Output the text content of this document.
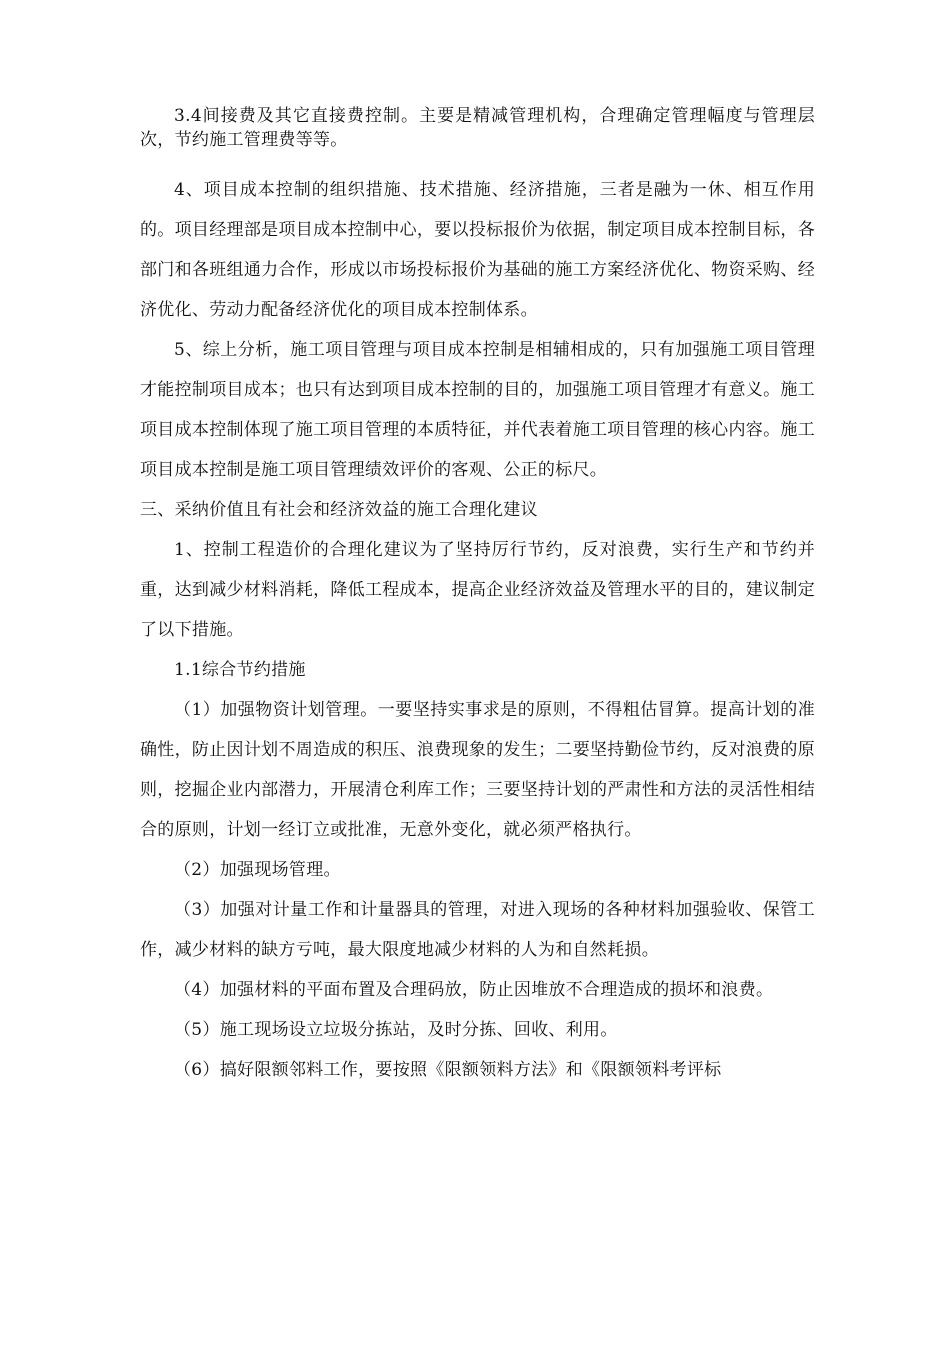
3.4间接费及其它直接费控制。主要是精减管理机构，合理确定管理幅度与管理层次，节约施工管理费等等。

4、项目成本控制的组织措施、技术措施、经济措施，三者是融为一休、相互作用的。项目经理部是项目成本控制中心，要以投标报价为依据，制定项目成本控制目标，各部门和各班组通力合作，形成以市场投标报价为基础的施工方案经济优化、物资采购、经济优化、劳动力配备经济优化的项目成本控制体系。

5、综上分析，施工项目管理与项目成本控制是相辅相成的，只有加强施工项目管理才能控制项目成本；也只有达到项目成本控制的目的，加强施工项目管理才有意义。施工项目成本控制体现了施工项目管理的本质特征，并代表着施工项目管理的核心内容。施工项目成本控制是施工项目管理绩效评价的客观、公正的标尺。

三、采纳价值且有社会和经济效益的施工合理化建议

1、控制工程造价的合理化建议为了坚持厉行节约，反对浪费，实行生产和节约并重，达到减少材料消耗，降低工程成本，提高企业经济效益及管理水平的目的，建议制定了以下措施。

1.1综合节约措施

（1）加强物资计划管理。一要坚持实事求是的原则，不得粗估冒算。提高计划的准确性，防止因计划不周造成的积压、浪费现象的发生；二要坚持勤俭节约，反对浪费的原则，挖掘企业内部潜力，开展清仓利库工作；三要坚持计划的严肃性和方法的灵活性相结合的原则，计划一经订立或批准，无意外变化，就必须严格执行。

（2）加强现场管理。

（3）加强对计量工作和计量器具的管理，对进入现场的各种材料加强验收、保管工作，减少材料的缺方亏吨，最大限度地减少材料的人为和自然耗损。

（4）加强材料的平面布置及合理码放，防止因堆放不合理造成的损坏和浪费。

（5）施工现场设立垃圾分拣站，及时分拣、回收、利用。

（6）搞好限额邻料工作，要按照《限额领料方法》和《限额领料考评标
